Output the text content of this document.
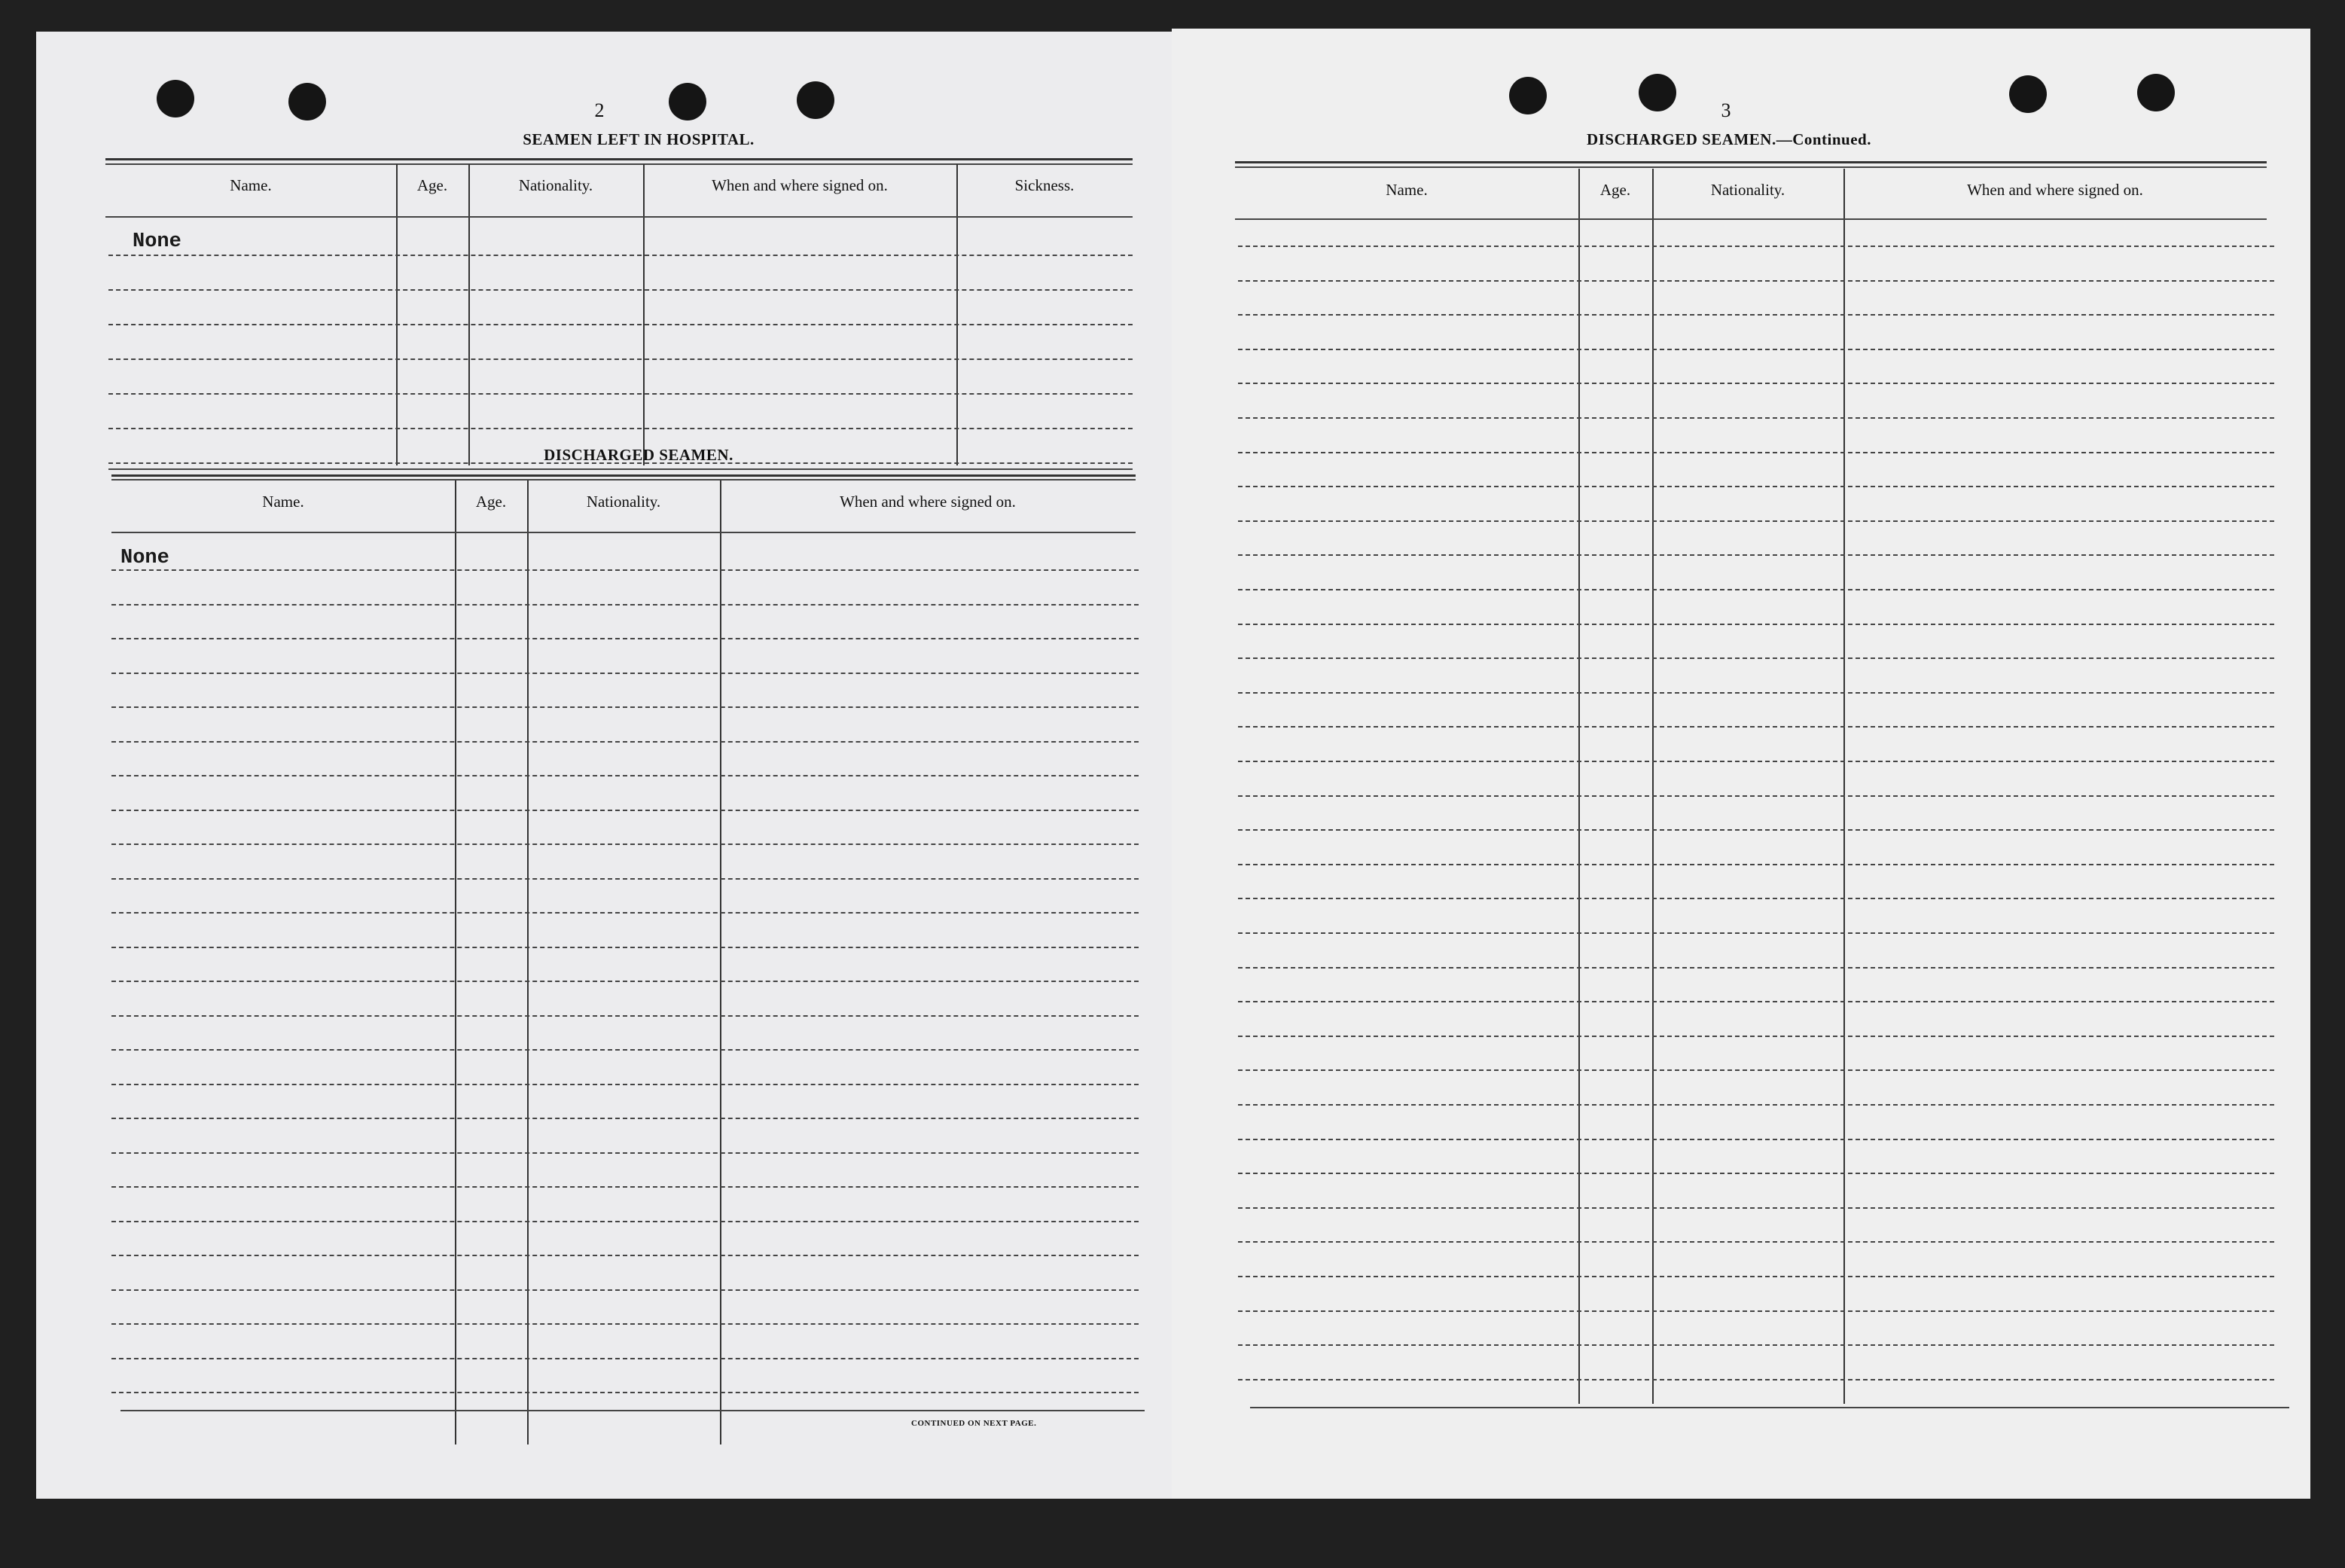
2
SEAMEN LEFT IN HOSPITAL.
Name.	Age.	Nationality.	When and where signed on.	Sickness.
None
DISCHARGED SEAMEN.
3
DISCHARGED SEAMEN.—Continued.
Name.	Age.	Nationality.	When and where signed on.
Name.	Age.	Nationality.	When and where signed on.
None
CONTINUED ON NEXT PAGE.
